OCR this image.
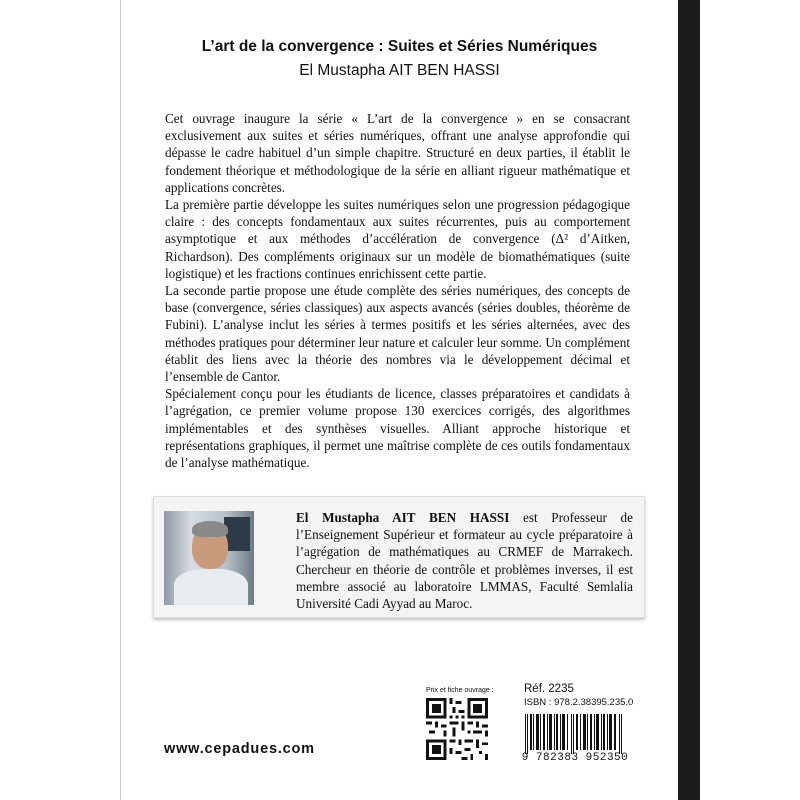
L’art de la convergence : Suites et Séries Numériques
El Mustapha AIT BEN HASSI

Cet ouvrage inaugure la série « L’art de la convergence » en se consacrant exclusivement aux suites et séries numériques, offrant une analyse approfondie qui dépasse le cadre habituel d’un simple chapitre. Structuré en deux parties, il établit le fondement théorique et méthodologique de la série en alliant rigueur mathématique et applications concrètes.

La première partie développe les suites numériques selon une progression pédagogique claire : des concepts fondamentaux aux suites récurrentes, puis au comportement asymptotique et aux méthodes d’accélération de convergence (Δ² d’Aitken, Richardson). Des compléments originaux sur un modèle de biomathématiques (suite logistique) et les fractions continues enrichissent cette partie.

La seconde partie propose une étude complète des séries numériques, des concepts de base (convergence, séries classiques) aux aspects avancés (séries doubles, théorème de Fubini). L’analyse inclut les séries à termes positifs et les séries alternées, avec des méthodes pratiques pour déterminer leur nature et calculer leur somme. Un complément établit des liens avec la théorie des nombres via le développement décimal et l’ensemble de Cantor.

Spécialement conçu pour les étudiants de licence, classes préparatoires et candidats à l’agrégation, ce premier volume propose 130 exercices corrigés, des algorithmes implémentables et des synthèses visuelles. Alliant approche historique et représentations graphiques, il permet une maîtrise complète de ces outils fondamentaux de l’analyse mathématique.

El Mustapha AIT BEN HASSI est Professeur de l’Enseignement Supérieur et formateur au cycle préparatoire à l’agrégation de mathématiques au CRMEF de Marrakech. Chercheur en théorie de contrôle et problèmes inverses, il est membre associé au laboratoire LMMAS, Faculté Semlalia Université Cadi Ayyad au Maroc.
Prix et fiche ouvrage :	Réf. 2235
ISBN : 978.2.38395.235.0
9 782383 952350
www.cepadues.com
